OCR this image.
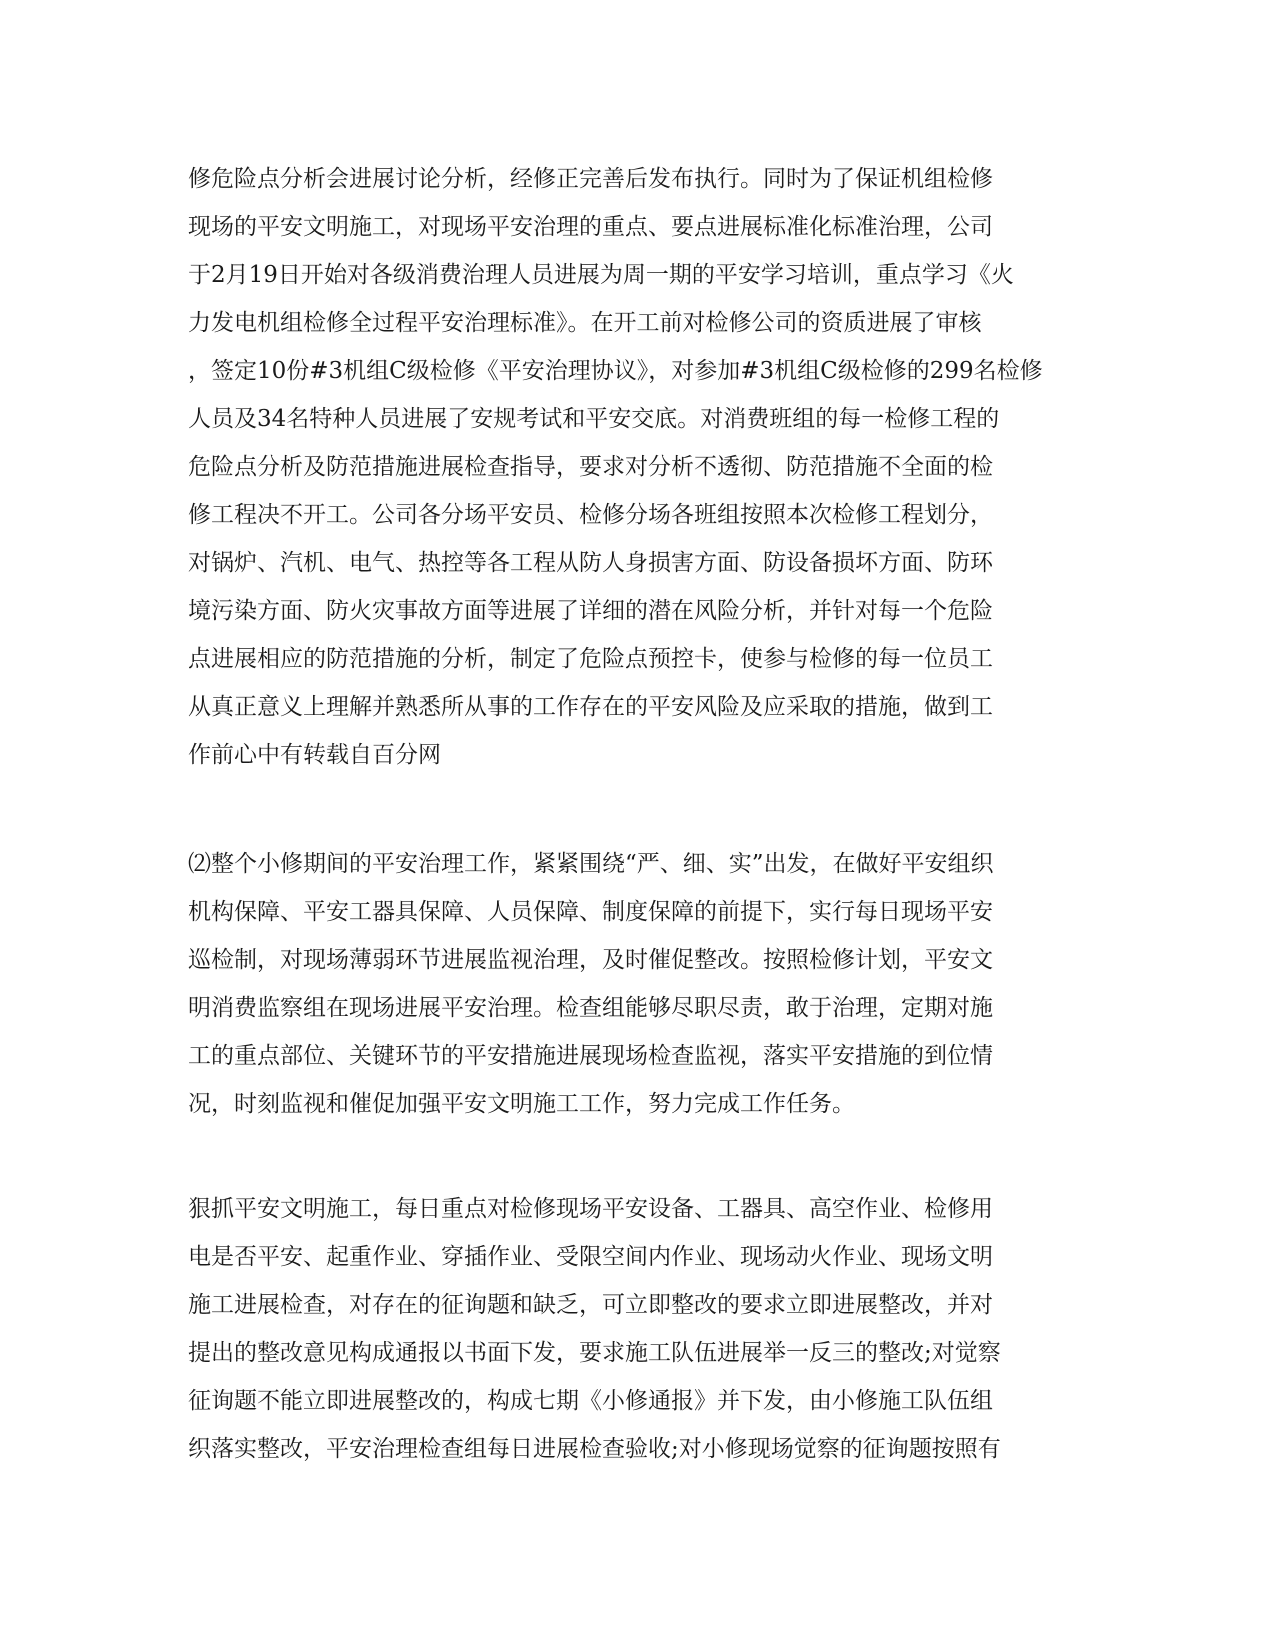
修危险点分析会进展讨论分析，经修正完善后发布执行。同时为了保证机组检修
现场的平安文明施工，对现场平安治理的重点、要点进展标准化标准治理，公司
于2月19日开始对各级消费治理人员进展为周一期的平安学习培训，重点学习《火
力发电机组检修全过程平安治理标准》。在开工前对检修公司的资质进展了审核
，签定10份#3机组C级检修《平安治理协议》，对参加#3机组C级检修的299名检修
人员及34名特种人员进展了安规考试和平安交底。对消费班组的每一检修工程的
危险点分析及防范措施进展检查指导，要求对分析不透彻、防范措施不全面的检
修工程决不开工。公司各分场平安员、检修分场各班组按照本次检修工程划分，
对锅炉、汽机、电气、热控等各工程从防人身损害方面、防设备损坏方面、防环
境污染方面、防火灾事故方面等进展了详细的潜在风险分析，并针对每一个危险
点进展相应的防范措施的分析，制定了危险点预控卡，使参与检修的每一位员工
从真正意义上理解并熟悉所从事的工作存在的平安风险及应采取的措施，做到工
作前心中有转载自百分网
⑵整个小修期间的平安治理工作，紧紧围绕“严、细、实”出发，在做好平安组织
机构保障、平安工器具保障、人员保障、制度保障的前提下，实行每日现场平安
巡检制，对现场薄弱环节进展监视治理，及时催促整改。按照检修计划，平安文
明消费监察组在现场进展平安治理。检查组能够尽职尽责，敢于治理，定期对施
工的重点部位、关键环节的平安措施进展现场检查监视，落实平安措施的到位情
况，时刻监视和催促加强平安文明施工工作，努力完成工作任务。
狠抓平安文明施工，每日重点对检修现场平安设备、工器具、高空作业、检修用
电是否平安、起重作业、穿插作业、受限空间内作业、现场动火作业、现场文明
施工进展检查，对存在的征询题和缺乏，可立即整改的要求立即进展整改，并对
提出的整改意见构成通报以书面下发，要求施工队伍进展举一反三的整改;对觉察
征询题不能立即进展整改的，构成七期《小修通报》并下发，由小修施工队伍组
织落实整改，平安治理检查组每日进展检查验收;对小修现场觉察的征询题按照有
